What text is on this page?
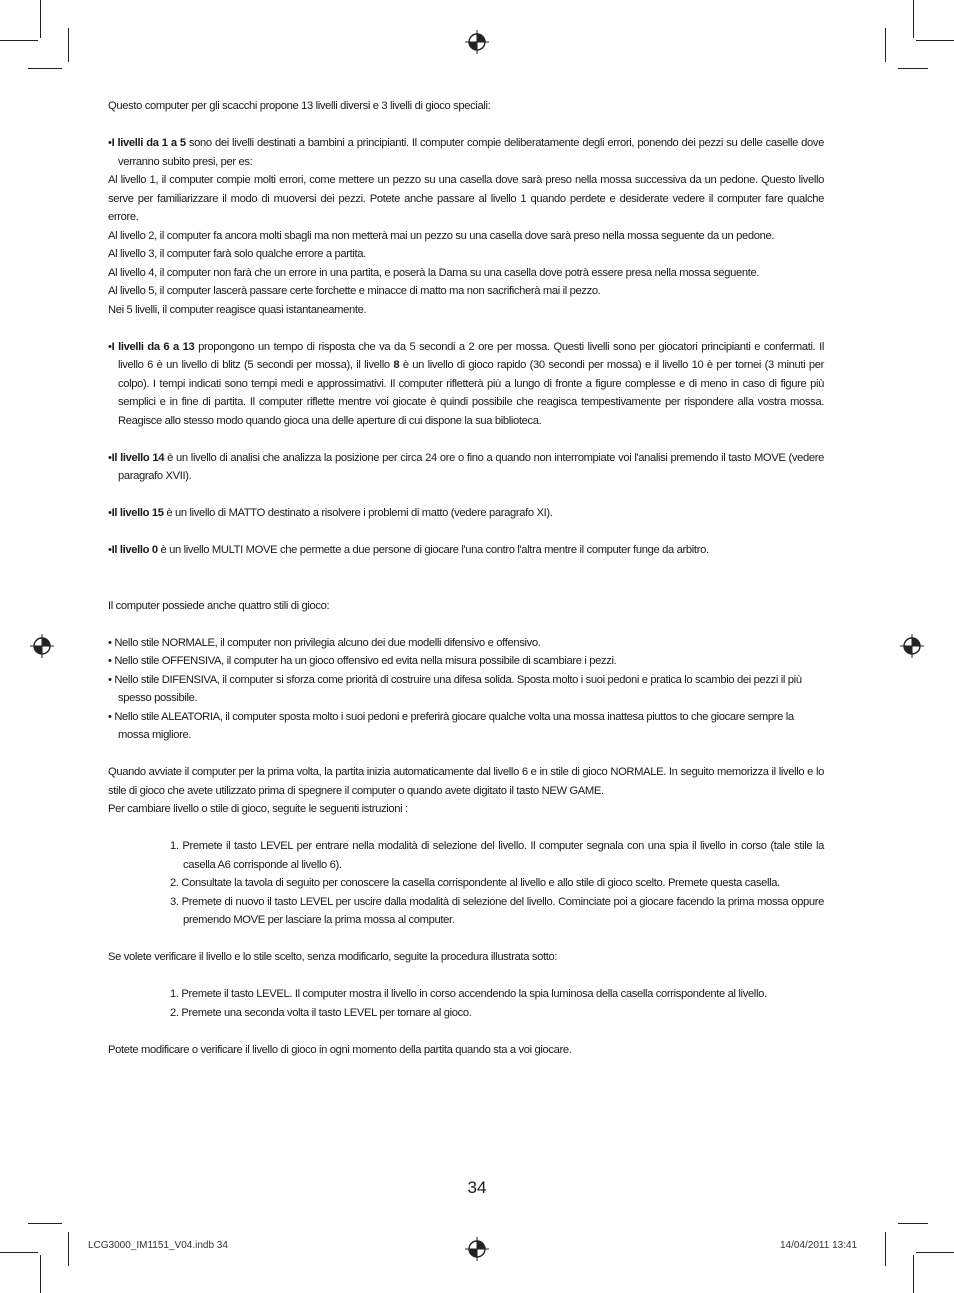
Questo computer per gli scacchi propone 13 livelli diversi e 3 livelli di gioco speciali:

•I livelli da 1 a 5 sono dei livelli destinati a bambini a principianti. Il computer compie deliberatamente degli errori, ponendo dei pezzi su delle caselle dove verranno subito presi, per es:

Al livello 1, il computer compie molti errori, come mettere un pezzo su una casella dove sarà preso nella mossa successiva da un pedone. Questo livello serve per familiarizzare il modo di muoversi dei pezzi. Potete anche passare al livello 1 quando perdete e desiderate vedere il computer fare qualche errore.

Al livello 2, il computer fa ancora molti sbagli ma non metterà mai un pezzo su una casella dove sarà preso nella mossa seguente da un pedone.

Al livello 3, il computer farà solo qualche errore a partita.

Al livello 4, il computer non farà che un errore in una partita, e poserà la Dama su una casella dove potrà essere presa nella mossa seguente.

Al livello 5, il computer lascerà passare certe forchette e minacce di matto ma non sacrificherà mai il pezzo.

Nei 5 livelli, il computer reagisce quasi istantaneamente.

•I livelli da 6 a 13 propongono un tempo di risposta che va da 5 secondi a 2 ore per mossa. Questi livelli sono per giocatori principianti e confermati. Il livello 6 è un livello di blitz (5 secondi per mossa), il livello 8 è un livello di gioco rapido (30 secondi per mossa) e il livello 10 è per tornei (3 minuti per colpo). I tempi indicati sono tempi medi e approssimativi. Il computer rifletterà più a lungo di fronte a figure complesse e di meno in caso di figure più semplici e in fine di partita. Il computer riflette mentre voi giocate è quindi possibile che reagisca tempestivamente per rispondere alla vostra mossa. Reagisce allo stesso modo quando gioca una delle aperture di cui dispone la sua biblioteca.

•Il livello 14 è un livello di analisi che analizza la posizione per circa 24 ore o fino a quando non interrompiate voi l'analisi premendo il tasto MOVE (vedere paragrafo XVII).

•Il livello 15 è un livello di MATTO destinato a risolvere i problemi di matto (vedere paragrafo XI).

•Il livello 0 è un livello MULTI MOVE che permette a due persone di giocare l'una contro l'altra mentre il computer funge da arbitro.

Il computer possiede anche quattro stili di gioco:

• Nello stile NORMALE, il computer non privilegia alcuno dei due modelli difensivo e offensivo.

• Nello stile OFFENSIVA, il computer ha un gioco offensivo ed evita nella misura possibile di scambiare i pezzi.

• Nello stile DIFENSIVA, il computer si sforza come priorità di costruire una difesa solida. Sposta molto i suoi pedoni e pratica lo scambio dei pezzi il più spesso possibile.

• Nello stile ALEATORIA, il computer sposta molto i suoi pedoni e preferirà giocare qualche volta una mossa inattesa piuttos to che giocare sempre la mossa migliore.

Quando avviate il computer per la prima volta, la partita inizia automaticamente dal livello 6 e in stile di gioco NORMALE. In seguito memorizza il livello e lo stile di gioco che avete utilizzato prima di spegnere il computer o quando avete digitato il tasto NEW GAME.

Per cambiare livello o stile di gioco, seguite le seguenti istruzioni :

1. Premete il tasto LEVEL per entrare nella modalità di selezione del livello. Il computer segnala con una spia il livello in corso (tale stile la casella A6 corrisponde al livello 6).

2. Consultate la tavola di seguito per conoscere la casella corrispondente al livello e allo stile di gioco scelto. Premete questa casella.

3. Premete di nuovo il tasto LEVEL per uscire dalla modalità di selezione del livello. Cominciate poi a giocare facendo la prima mossa oppure premendo MOVE per lasciare la prima mossa al computer.

Se volete verificare il livello e lo stile scelto, senza modificarlo, seguite la procedura illustrata sotto:

1. Premete il tasto LEVEL. Il computer mostra il livello in corso accendendo la spia luminosa della casella corrispondente al livello.

2. Premete una seconda volta il tasto LEVEL per tornare al gioco.

Potete modificare o verificare il livello di gioco in ogni momento della partita quando sta a voi giocare.

34
LCG3000_IM1151_V04.indb 34	14/04/2011 13:41
